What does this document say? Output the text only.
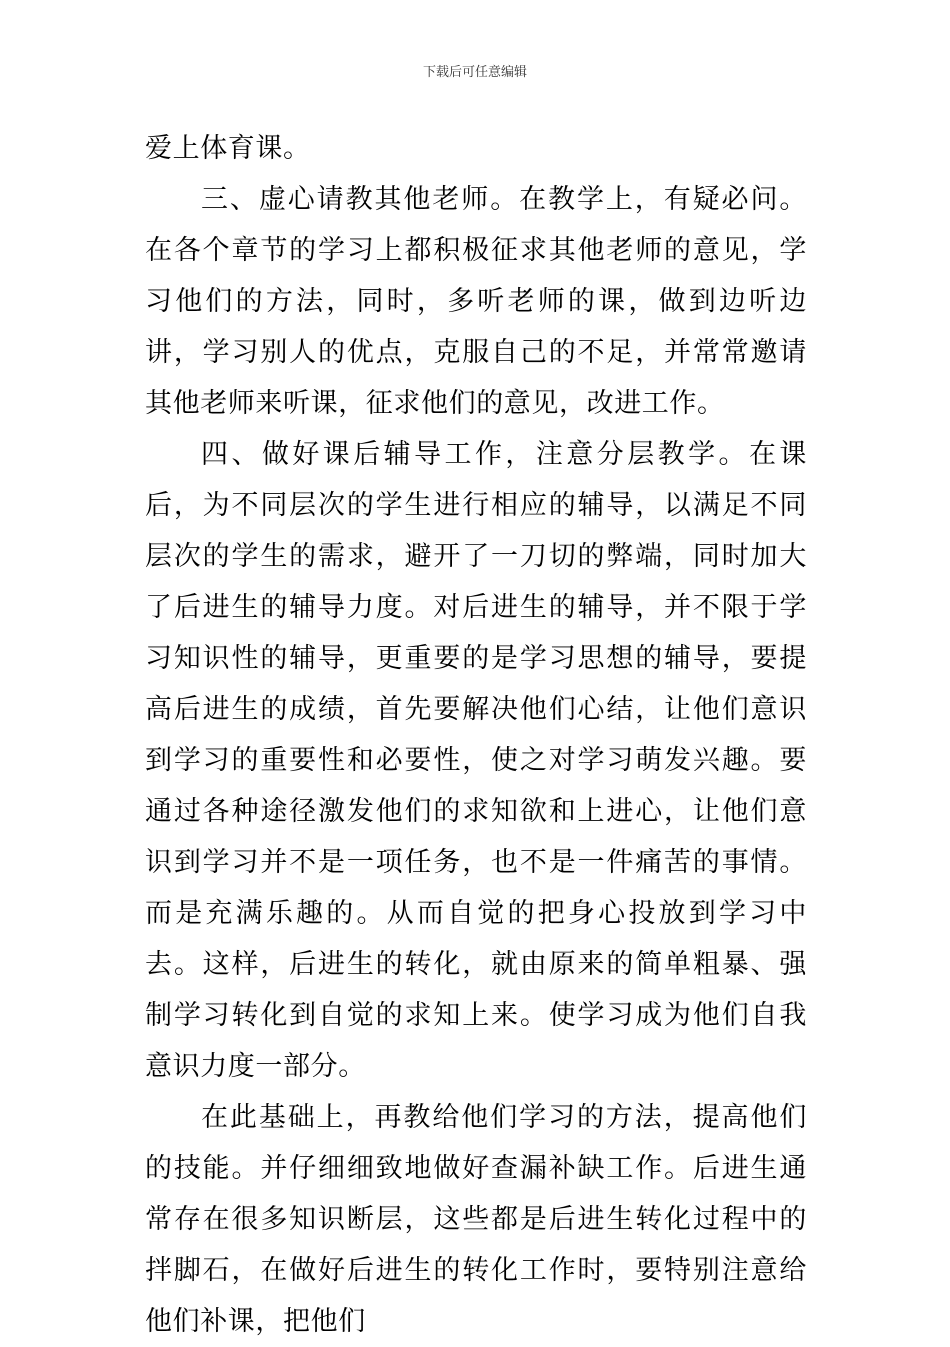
下载后可任意编辑

爱上体育课。

三、虚心请教其他老师。在教学上，有疑必问。在各个章节的学习上都积极征求其他老师的意见，学习他们的方法，同时，多听老师的课，做到边听边讲，学习别人的优点，克服自己的不足，并常常邀请其他老师来听课，征求他们的意见，改进工作。

四、做好课后辅导工作，注意分层教学。在课后，为不同层次的学生进行相应的辅导，以满足不同层次的学生的需求，避开了一刀切的弊端，同时加大了后进生的辅导力度。对后进生的辅导，并不限于学习知识性的辅导，更重要的是学习思想的辅导，要提高后进生的成绩，首先要解决他们心结，让他们意识到学习的重要性和必要性，使之对学习萌发兴趣。要通过各种途径激发他们的求知欲和上进心，让他们意识到学习并不是一项任务，也不是一件痛苦的事情。而是充满乐趣的。从而自觉的把身心投放到学习中去。这样，后进生的转化，就由原来的简单粗暴、强制学习转化到自觉的求知上来。使学习成为他们自我意识力度一部分。

在此基础上，再教给他们学习的方法，提高他们的技能。并仔细细致地做好查漏补缺工作。后进生通常存在很多知识断层，这些都是后进生转化过程中的拌脚石，在做好后进生的转化工作时，要特别注意给他们补课，把他们
